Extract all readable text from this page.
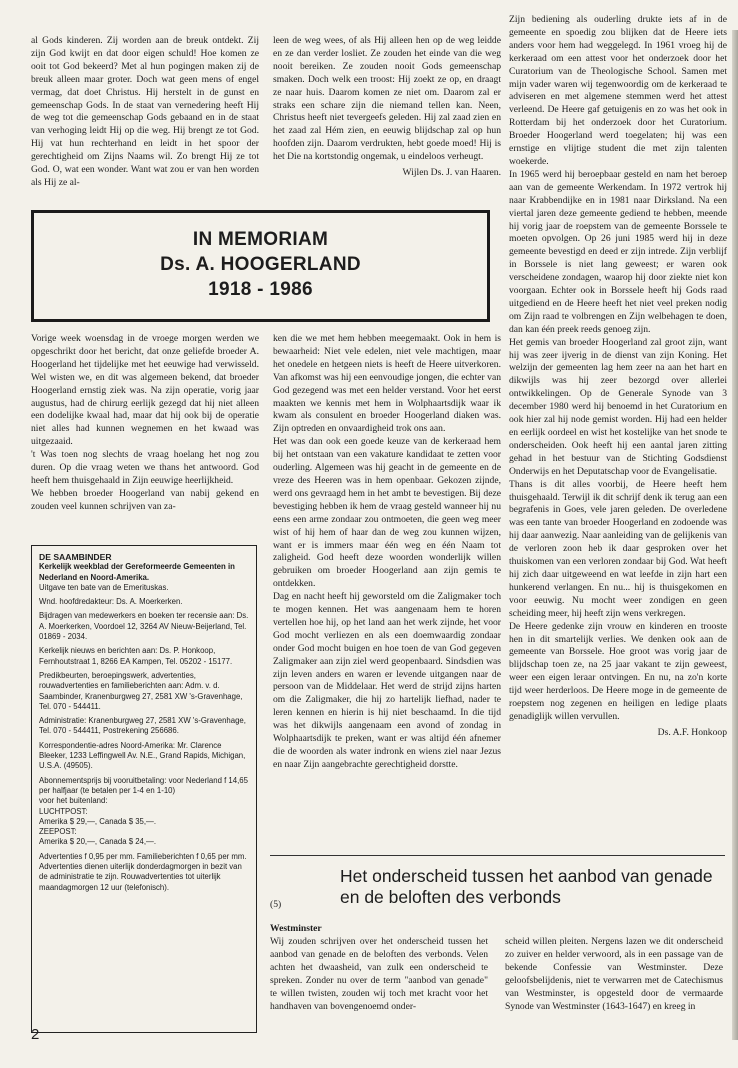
al Gods kinderen. Zij worden aan de breuk ontdekt. Zij zijn God kwijt en dat door eigen schuld! Hoe komen ze ooit tot God bekeerd? Met al hun pogingen maken zij de breuk alleen maar groter. Doch wat geen mens of engel vermag, dat doet Christus. Hij herstelt in de gunst en gemeenschap Gods. In de staat van vernedering heeft Hij de weg tot die gemeenschap Gods gebaand en in de staat van verhoging leidt Hij op die weg. Hij brengt ze tot God. Hij vat hun rechterhand en leidt in het spoor der gerechtigheid om Zijns Naams wil. Zo brengt Hij ze tot God. O, wat een wonder. Want wat zou er van hen worden als Hij ze al-

leen de weg wees, of als Hij alleen hen op de weg leidde en ze dan verder losliet. Ze zouden het einde van die weg nooit bereiken. Ze zouden nooit Gods gemeenschap smaken. Doch welk een troost: Hij zoekt ze op, en draagt ze naar huis. Daarom komen ze niet om. Daarom zal er straks een schare zijn die niemand tellen kan. Neen, Christus heeft niet tevergeefs geleden. Hij zal zaad zien en het zaad zal Hém zien, en eeuwig blijdschap zal op hun hoofden zijn. Daarom verdrukten, hebt goede moed! Hij is het Die na kortstondig ongemak, u eindeloos verheugt.

Wijlen Ds. J. van Haaren.

IN MEMORIAM
Ds. A. HOOGERLAND
1918 - 1986

Vorige week woensdag in de vroege morgen werden we opgeschrikt door het bericht, dat onze geliefde broeder A. Hoogerland het tijdelijke met het eeuwige had verwisseld. Wel wisten we, en dit was algemeen bekend, dat broeder Hoogerland ernstig ziek was. Na zijn operatie, vorig jaar augustus, had de chirurg eerlijk gezegd dat hij niet alleen een dodelijke kwaal had, maar dat hij ook bij de operatie niet alles had kunnen wegnemen en het kwaad was uitgezaaid.
't Was toen nog slechts de vraag hoelang het nog zou duren. Op die vraag weten we thans het antwoord. God heeft hem thuisgehaald in Zijn eeuwige heerlijkheid.
We hebben broeder Hoogerland van nabij gekend en zouden veel kunnen schrijven van za-

ken die we met hem hebben meegemaakt. Ook in hem is bewaarheid: Niet vele edelen, niet vele machtigen, maar het onedele en hetgeen niets is heeft de Heere uitverkoren. Van afkomst was hij een eenvoudige jongen, die echter van God gezegend was met een helder verstand. Voor het eerst maakten we kennis met hem in Wolphaartsdijk waar ik kwam als consulent en broeder Hoogerland diaken was. Zijn optreden en onvaardigheid trok ons aan.
Het was dan ook een goede keuze van de kerkeraad hem bij het ontstaan van een vakature kandidaat te zetten voor ouderling. Algemeen was hij geacht in de gemeente en de vreze des Heeren was in hem openbaar. Gekozen zijnde, werd ons gevraagd hem in het ambt te bevestigen. Bij deze bevestiging hebben ik hem de vraag gesteld wanneer hij nu eens een arme zondaar zou ontmoeten, die geen weg meer wist of hij hem of haar dan de weg zou kunnen wijzen, want er is immers maar één weg en één Naam tot zaligheid. God heeft deze woorden wonderlijk willen gebruiken om broeder Hoogerland aan zijn gemis te ontdekken.
Dag en nacht heeft hij geworsteld om die Zaligmaker toch te mogen kennen. Het was aangenaam hem te horen vertellen hoe hij, op het land aan het werk zijnde, het voor God mocht verliezen en als een doemwaardig zondaar onder God mocht buigen en hoe toen de van God gegeven Zaligmaker aan zijn ziel werd geopenbaard. Sindsdien was zijn leven anders en waren er levende uitgangen naar de persoon van de Middelaar. Het werd de strijd zijns harten om die Zaligmaker, die hij zo hartelijk liefhad, nader te leren kennen en hierin is hij niet beschaamd. In die tijd was het dikwijls aangenaam een avond of zondag in Wolphaartsdijk te preken, want er was altijd één afnemer die de woorden als water indronk en wiens ziel naar Jezus en naar Zijn aangebrachte gerechtigheid dorstte.

Zijn bediening als ouderling drukte iets af in de gemeente en spoedig zou blijken dat de Heere iets anders voor hem had weggelegd. In 1961 vroeg hij de kerkeraad om een attest voor het onderzoek door het Curatorium van de Theologische School. Samen met mijn vader waren wij tegenwoordig om de kerkeraad te adviseren en met algemene stemmen werd het attest verleend. De Heere gaf getuigenis en zo was het ook in Rotterdam bij het onderzoek door het Curatorium. Broeder Hoogerland werd toegelaten; hij was een ernstige en vlijtige student die met zijn talenten woekerde.
In 1965 werd hij beroepbaar gesteld en nam het beroep aan van de gemeente Werkendam. In 1972 vertrok hij naar Krabbendijke en in 1981 naar Dirksland. Na een viertal jaren deze gemeente gediend te hebben, meende hij vorig jaar de roepstem van de gemeente Borssele te moeten opvolgen. Op 26 juni 1985 werd hij in deze gemeente bevestigd en deed er zijn intrede. Zijn verblijf in Borssele is niet lang geweest; er waren ook verscheidene zondagen, waarop hij door ziekte niet kon voorgaan. Echter ook in Borssele heeft hij Gods raad uitgediend en de Heere heeft het niet veel preken nodig om Zijn raad te volbrengen en Zijn welbehagen te doen, dan kan één preek reeds genoeg zijn.
Het gemis van broeder Hoogerland zal groot zijn, want hij was zeer ijverig in de dienst van zijn Koning. Het welzijn der gemeenten lag hem zeer na aan het hart en dikwijls was hij zeer bezorgd over allerlei ontwikkelingen. Op de Generale Synode van 3 december 1980 werd hij benoemd in het Curatorium en ook hier zal hij node gemist worden. Hij had een helder en eerlijk oordeel en wist het kostelijke van het snode te onderscheiden. Ook heeft hij een aantal jaren zitting gehad in het bestuur van de Stichting Godsdienst Onderwijs en het Deputatschap voor de Evangelisatie.
Thans is dit alles voorbij, de Heere heeft hem thuisgehaald. Terwijl ik dit schrijf denk ik terug aan een begrafenis in Goes, vele jaren geleden. De overledene was een tante van broeder Hoogerland en zodoende was hij daar aanwezig. Naar aanleiding van de gelijkenis van de verloren zoon heb ik daar gesproken over het thuiskomen van een verloren zondaar bij God. Wat heeft hij zich daar uitgeweend en wat leefde in zijn hart een hunkerend verlangen. En nu... hij is thuisgekomen en voor eeuwig. Nu mocht weer zondigen en geen scheiding meer, hij heeft zijn wens verkregen.
De Heere gedenke zijn vrouw en kinderen en trooste hen in dit smartelijk verlies. We denken ook aan de gemeente van Borssele. Hoe groot was vorig jaar de blijdschap toen ze, na 25 jaar vakant te zijn geweest, weer een eigen leraar ontvingen. En nu, na zo'n korte tijd weer herderloos. De Heere moge in de gemeente de roepstem nog zegenen en heiligen en ledige plaats genadiglijk willen vervullen.

Ds. A.F. Honkoop

DE SAAMBINDER

Kerkelijk weekblad der Gereformeerde Gemeenten in Nederland en Noord-Amerika.

Uitgave ten bate van de Emerituskas.

Wnd. hoofdredakteur: Ds. A. Moerkerken.

Bijdragen van medewerkers en boeken ter recensie aan: Ds. A. Moerkerken, Voordoel 12, 3264 AV Nieuw-Beijerland, Tel. 01869 - 2034.

Kerkelijk nieuws en berichten aan: Ds. P. Honkoop, Fernhoutstraat 1, 8266 EA Kampen, Tel. 05202 - 15177.

Predikbeurten, beroepingswerk, advertenties, rouwadvertenties en familieberichten aan: Adm. v. d. Saambinder, Kranenburgweg 27, 2581 XW 's-Gravenhage, Tel. 070 - 544411.

Administratie: Kranenburgweg 27, 2581 XW 's-Gravenhage, Tel. 070 - 544411, Postrekening 256686.

Korrespondentie-adres Noord-Amerika: Mr. Clarence Bleeker, 1233 Leffingwell Av. N.E., Grand Rapids, Michigan, U.S.A. (49505).

Abonnementsprijs bij vooruitbetaling: voor Nederland f 14,65 per halfjaar (te betalen per 1-4 en 1-10)

voor het buitenland:

LUCHTPOST:

Amerika $ 29,—, Canada $ 35,—.

ZEEPOST:

Amerika $ 20,—, Canada $ 24,—.

Advertenties f 0,95 per mm. Familieberichten f 0,65 per mm. Advertenties dienen uiterlijk donderdagmorgen in bezit van de administratie te zijn. Rouwadvertenties tot uiterlijk maandagmorgen 12 uur (telefonisch).

Het onderscheid tussen het aanbod van genade en de beloften des verbonds
(5)
Westminster

Wij zouden schrijven over het onderscheid tussen het aanbod van genade en de beloften des verbonds. Velen achten het dwaasheid, van zulk een onderscheid te spreken. Zonder nu over de term "aanbod van genade" te willen twisten, zouden wij toch met kracht voor het handhaven van bovengenoemd onder-

scheid willen pleiten. Nergens lazen we dit onderscheid zo zuiver en helder verwoord, als in een passage van de bekende Confessie van Westminster. Deze geloofsbelijdenis, niet te verwarren met de Catechismus van Westminster, is opgesteld door de vermaarde Synode van Westminster (1643-1647) en kreeg in

2
